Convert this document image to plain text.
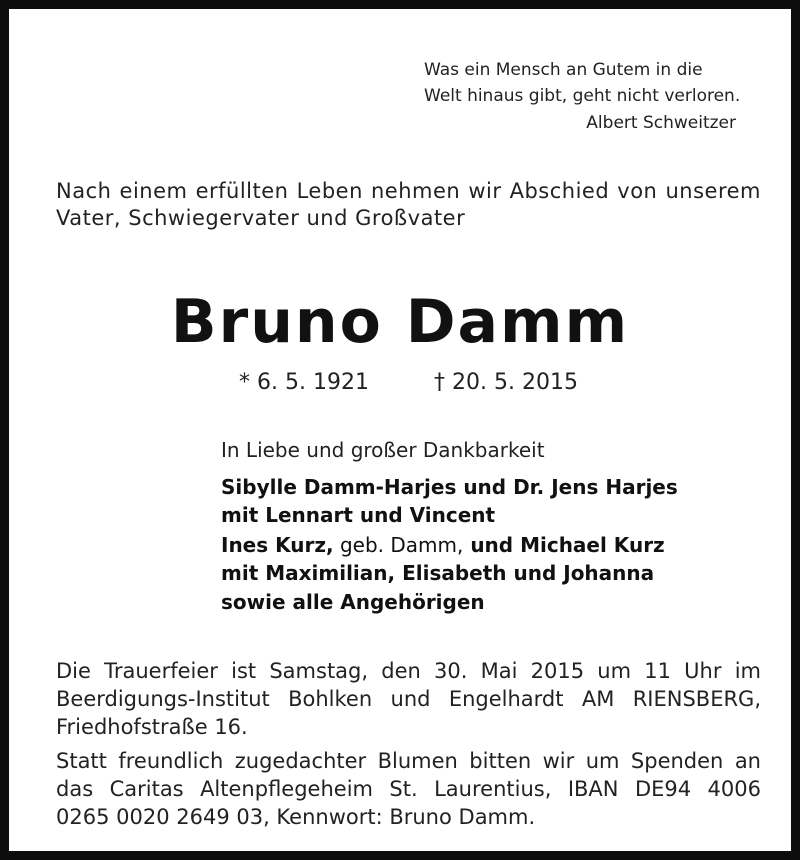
Was ein Mensch an Gutem in die
Welt hinaus gibt, geht nicht verloren.
Albert Schweitzer
Nach einem erfüllten Leben nehmen wir Abschied von unserem
Vater, Schwiegervater und Großvater
Bruno Damm
* 6. 5. 1921	† 20. 5. 2015
In Liebe und großer Dankbarkeit
Sibylle Damm-Harjes und Dr. Jens Harjes
mit Lennart und Vincent
Ines Kurz, geb. Damm, und Michael Kurz
mit Maximilian, Elisabeth und Johanna
sowie alle Angehörigen
Die Trauerfeier ist Samstag, den 30. Mai 2015 um 11 Uhr im
Beerdigungs-Institut Bohlken und Engelhardt AM RIENSBERG,
Friedhofstraße 16.
Statt freundlich zugedachter Blumen bitten wir um Spenden an
das Caritas Altenpflegeheim St. Laurentius, IBAN DE94 4006
0265 0020 2649 03, Kennwort: Bruno Damm.
